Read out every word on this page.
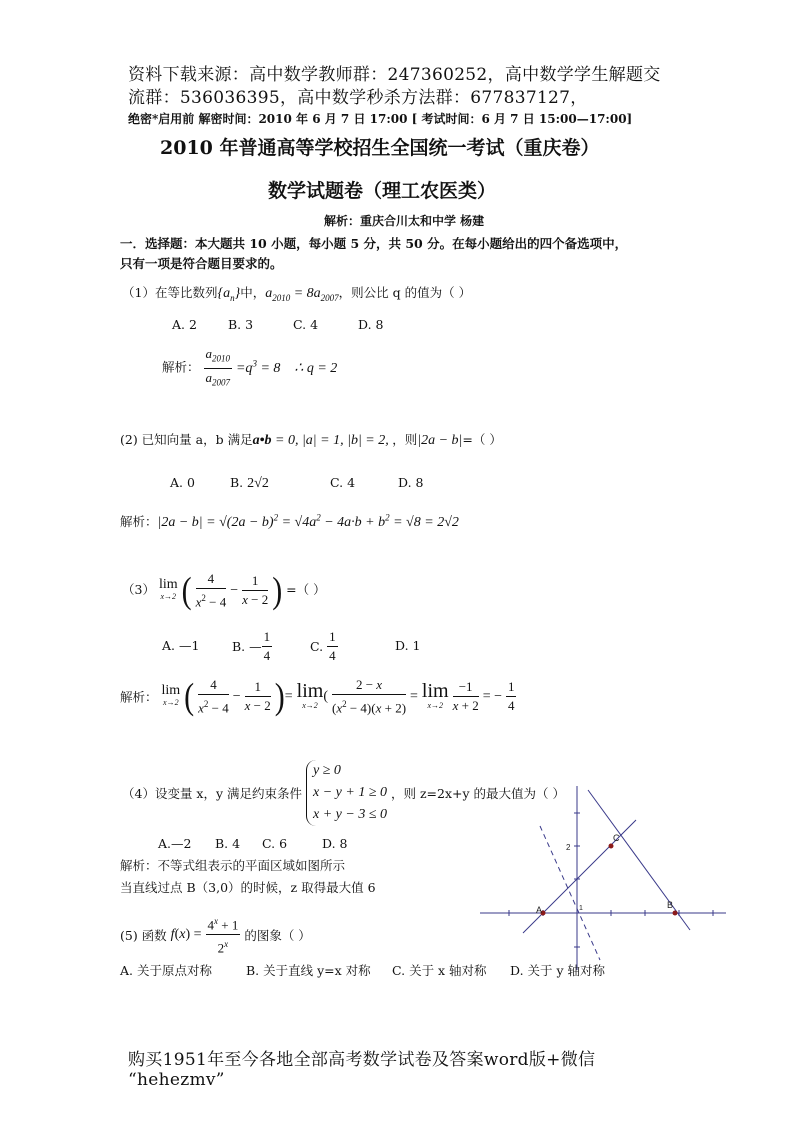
资料下载来源：高中数学教师群：247360252，高中数学学生解题交
流群：536036395，高中数学秒杀方法群：677837127，
绝密*启用前 解密时间：2010 年 6 月 7 日 17:00 [ 考试时间：6 月 7 日 15:00—17:00]
2010 年普通高等学校招生全国统一考试（重庆卷）
数学试题卷（理工农医类）
解析：重庆合川太和中学 杨建
一．选择题：本大题共 10 小题，每小题 5 分，共 50 分。在每小题给出的四个备选项中，
只有一项是符合题目要求的。
（1）在等比数列$\{a_n\}$中，$a_{2010} = 8a_{2007}$，则公比 q 的值为（ ）
A. 2 B. 3	C. 4	D. 8
解析： $\frac{a_{2010}}{a_{2007}} =q^3 = 8$    ∴ q = 2
(2) 已知向量 a，b 满足a•b = 0, |a| = 1, |b| = 2, ，则|2a − b|=（ ）
A. 0	B. 2√2	C. 4	D. 8
解析：$|2a - b| = √(2a - b)^2 = √4a^2 - 4a\cdot b + b^2 = √8 = 2√2$
（3） lim
x→2 ( $\frac{4}{x^2 - 4} - \frac{1}{x - 2}$ ) =（ ）
A. —1	B. — $\frac{1}{4}$	C. $\frac{1}{4}$	D. 1
解析： lim
x→2 ( $\frac{4}{x^2 - 4} - \frac{1}{x - 2}$ )= lim
x→2
( $\frac{2 - x}{(x^2 - 4)(x + 2)} = \lim$
x→2
$\frac{-1}{x + 2}$ = − $\frac{1}{4}$
（4）设变量 x，y 满足约束条件 y ≥ 0
x − y + 1 ≥ 0
x + y − 3 ≤ 0 ，则 z=2x+y 的最大值为（ ）
A.—2 B. 4 C. 6	D. 8
解析：不等式组表示的平面区域如图所示
当直线过点 B（3,0）的时候，z 取得最大值 6
A	B
C
2
1
(5) 函数 $f(x) = \frac{4^x + 1}{2^x}$ 的图象（ ）
A. 关于原点对称	B. 关于直线 y=x 对称 C. 关于 x 轴对称 D. 关于 y 轴对称
购买1951年至今各地全部高考数学试卷及答案word版+微信
“hehezmv”
